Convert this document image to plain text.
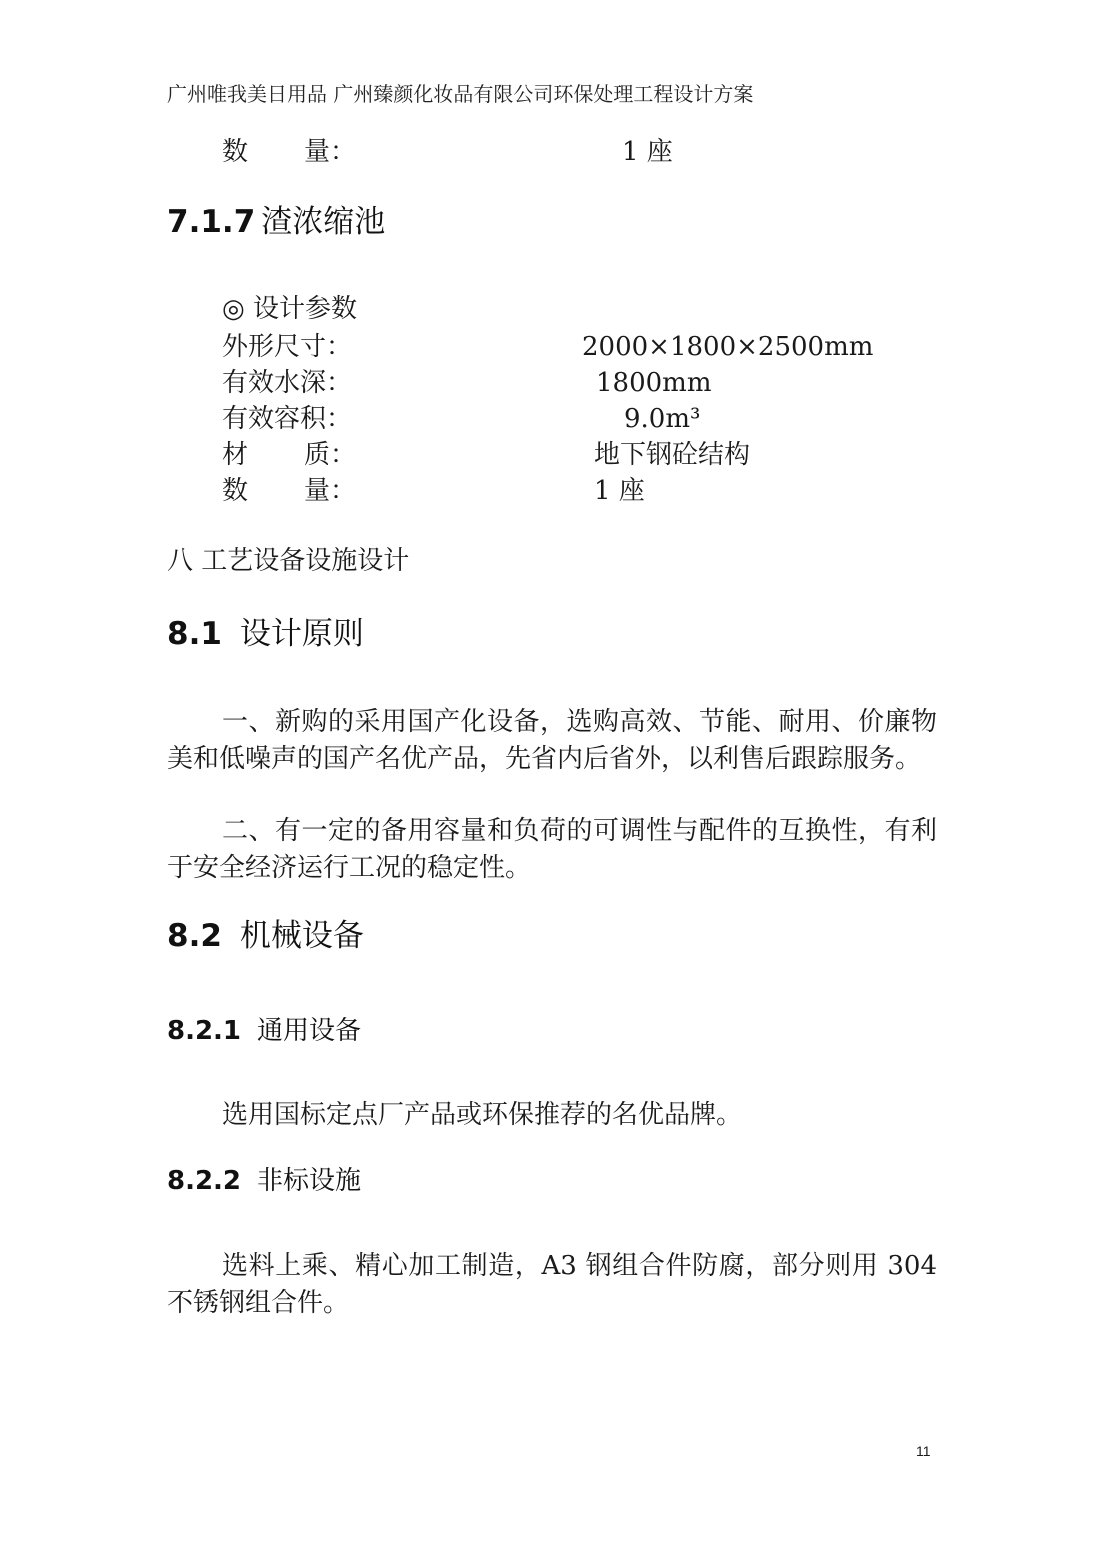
广州唯我美日用品 广州臻颜化妆品有限公司环保处理工程设计方案
数 量：	1 座
7.1.7 渣浓缩池
◎ 设计参数
外形尺寸：	2000×1800×2500mm
有效水深：	1800mm
有效容积：	9.0m³
材 质：	地下钢砼结构
数 量：	1 座
八 工艺设备设施设计
8.1 设计原则
一、新购的采用国产化设备，选购高效、节能、耐用、价廉物美和低噪声的国产名优产品，先省内后省外，以利售后跟踪服务。
二、有一定的备用容量和负荷的可调性与配件的互换性，有利于安全经济运行工况的稳定性。
8.2 机械设备
8.2.1 通用设备
选用国标定点厂产品或环保推荐的名优品牌。
8.2.2 非标设施
选料上乘、精心加工制造，A3 钢组合件防腐，部分则用 304 不锈钢组合件。
11
